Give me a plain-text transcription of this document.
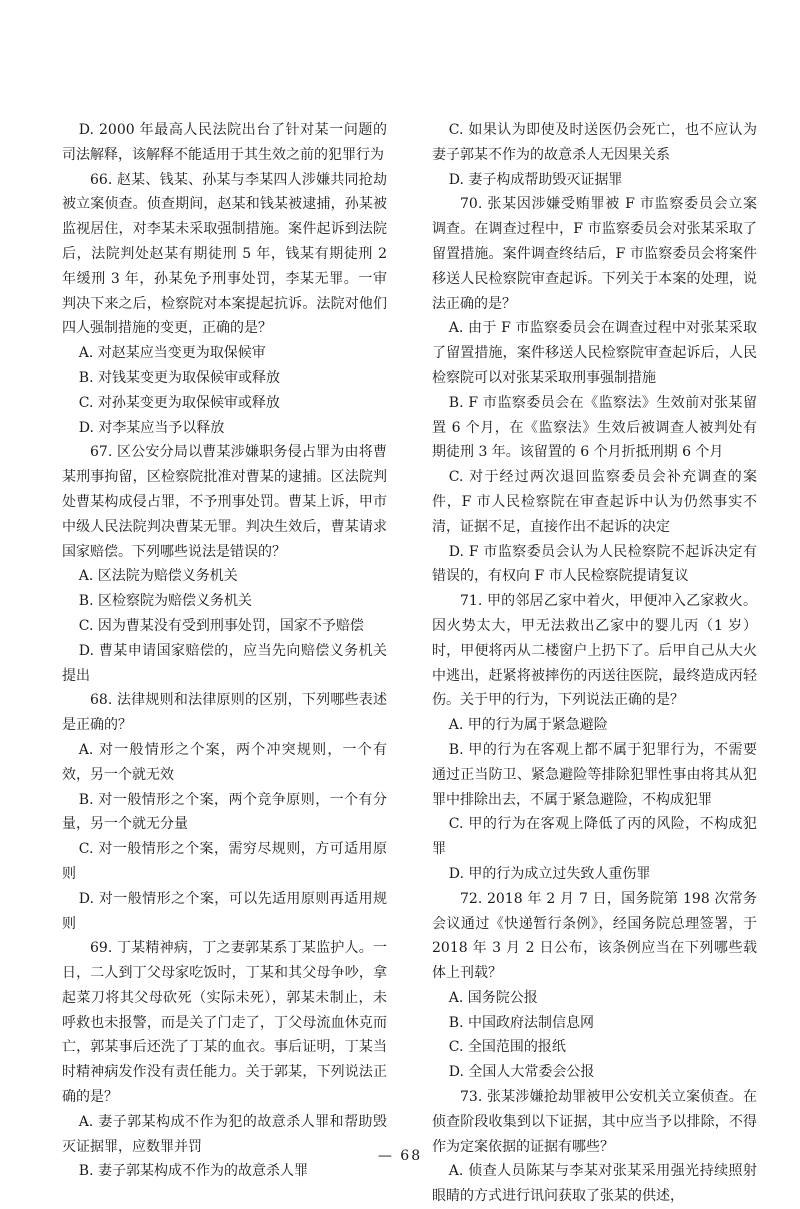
D. 2000 年最高人民法院出台了针对某一问题的司法解释，该解释不能适用于其生效之前的犯罪行为

66. 赵某、钱某、孙某与李某四人涉嫌共同抢劫被立案侦查。侦查期间，赵某和钱某被逮捕，孙某被监视居住，对李某未采取强制措施。案件起诉到法院后，法院判处赵某有期徒刑 5 年，钱某有期徒刑 2 年缓刑 3 年，孙某免予刑事处罚，李某无罪。一审判决下来之后，检察院对本案提起抗诉。法院对他们四人强制措施的变更，正确的是？

A. 对赵某应当变更为取保候审

B. 对钱某变更为取保候审或释放

C. 对孙某变更为取保候审或释放

D. 对李某应当予以释放

67. 区公安分局以曹某涉嫌职务侵占罪为由将曹某刑事拘留，区检察院批准对曹某的逮捕。区法院判处曹某构成侵占罪，不予刑事处罚。曹某上诉，甲市中级人民法院判决曹某无罪。判决生效后，曹某请求国家赔偿。下列哪些说法是错误的？

A. 区法院为赔偿义务机关

B. 区检察院为赔偿义务机关

C. 因为曹某没有受到刑事处罚，国家不予赔偿

D. 曹某申请国家赔偿的，应当先向赔偿义务机关提出

68. 法律规则和法律原则的区别，下列哪些表述是正确的？

A. 对一般情形之个案，两个冲突规则，一个有效，另一个就无效

B. 对一般情形之个案，两个竞争原则，一个有分量，另一个就无分量

C. 对一般情形之个案，需穷尽规则，方可适用原则

D. 对一般情形之个案，可以先适用原则再适用规则

69. 丁某精神病，丁之妻郭某系丁某监护人。一日，二人到丁父母家吃饭时，丁某和其父母争吵，拿起菜刀将其父母砍死（实际未死），郭某未制止，未呼救也未报警，而是关了门走了，丁父母流血休克而亡，郭某事后还洗了丁某的血衣。事后证明，丁某当时精神病发作没有责任能力。关于郭某，下列说法正确的是？

A. 妻子郭某构成不作为犯的故意杀人罪和帮助毁灭证据罪，应数罪并罚

B. 妻子郭某构成不作为的故意杀人罪

C. 如果认为即使及时送医仍会死亡，也不应认为妻子郭某不作为的故意杀人无因果关系

D. 妻子构成帮助毁灭证据罪

70. 张某因涉嫌受贿罪被 F 市监察委员会立案调查。在调查过程中，F 市监察委员会对张某采取了留置措施。案件调查终结后，F 市监察委员会将案件移送人民检察院审查起诉。下列关于本案的处理，说法正确的是？

A. 由于 F 市监察委员会在调查过程中对张某采取了留置措施，案件移送人民检察院审查起诉后，人民检察院可以对张某采取刑事强制措施

B. F 市监察委员会在《监察法》生效前对张某留置 6 个月，在《监察法》生效后被调查人被判处有期徒刑 3 年。该留置的 6 个月折抵刑期 6 个月

C. 对于经过两次退回监察委员会补充调查的案件，F 市人民检察院在审查起诉中认为仍然事实不清，证据不足，直接作出不起诉的决定

D. F 市监察委员会认为人民检察院不起诉决定有错误的，有权向 F 市人民检察院提请复议

71. 甲的邻居乙家中着火，甲便冲入乙家救火。因火势太大，甲无法救出乙家中的婴儿丙（1 岁）时，甲便将丙从二楼窗户上扔下了。后甲自己从大火中逃出，赶紧将被摔伤的丙送往医院，最终造成丙轻伤。关于甲的行为，下列说法正确的是？

A. 甲的行为属于紧急避险

B. 甲的行为在客观上都不属于犯罪行为，不需要通过正当防卫、紧急避险等排除犯罪性事由将其从犯罪中排除出去，不属于紧急避险，不构成犯罪

C. 甲的行为在客观上降低了丙的风险，不构成犯罪

D. 甲的行为成立过失致人重伤罪

72. 2018 年 2 月 7 日，国务院第 198 次常务会议通过《快递暂行条例》，经国务院总理签署，于 2018 年 3 月 2 日公布，该条例应当在下列哪些载体上刊载？

A. 国务院公报

B. 中国政府法制信息网

C. 全国范围的报纸

D. 全国人大常委会公报

73. 张某涉嫌抢劫罪被甲公安机关立案侦查。在侦查阶段收集到以下证据，其中应当予以排除，不得作为定案依据的证据有哪些？

A. 侦查人员陈某与李某对张某采用强光持续照射眼睛的方式进行讯问获取了张某的供述，

— 68
